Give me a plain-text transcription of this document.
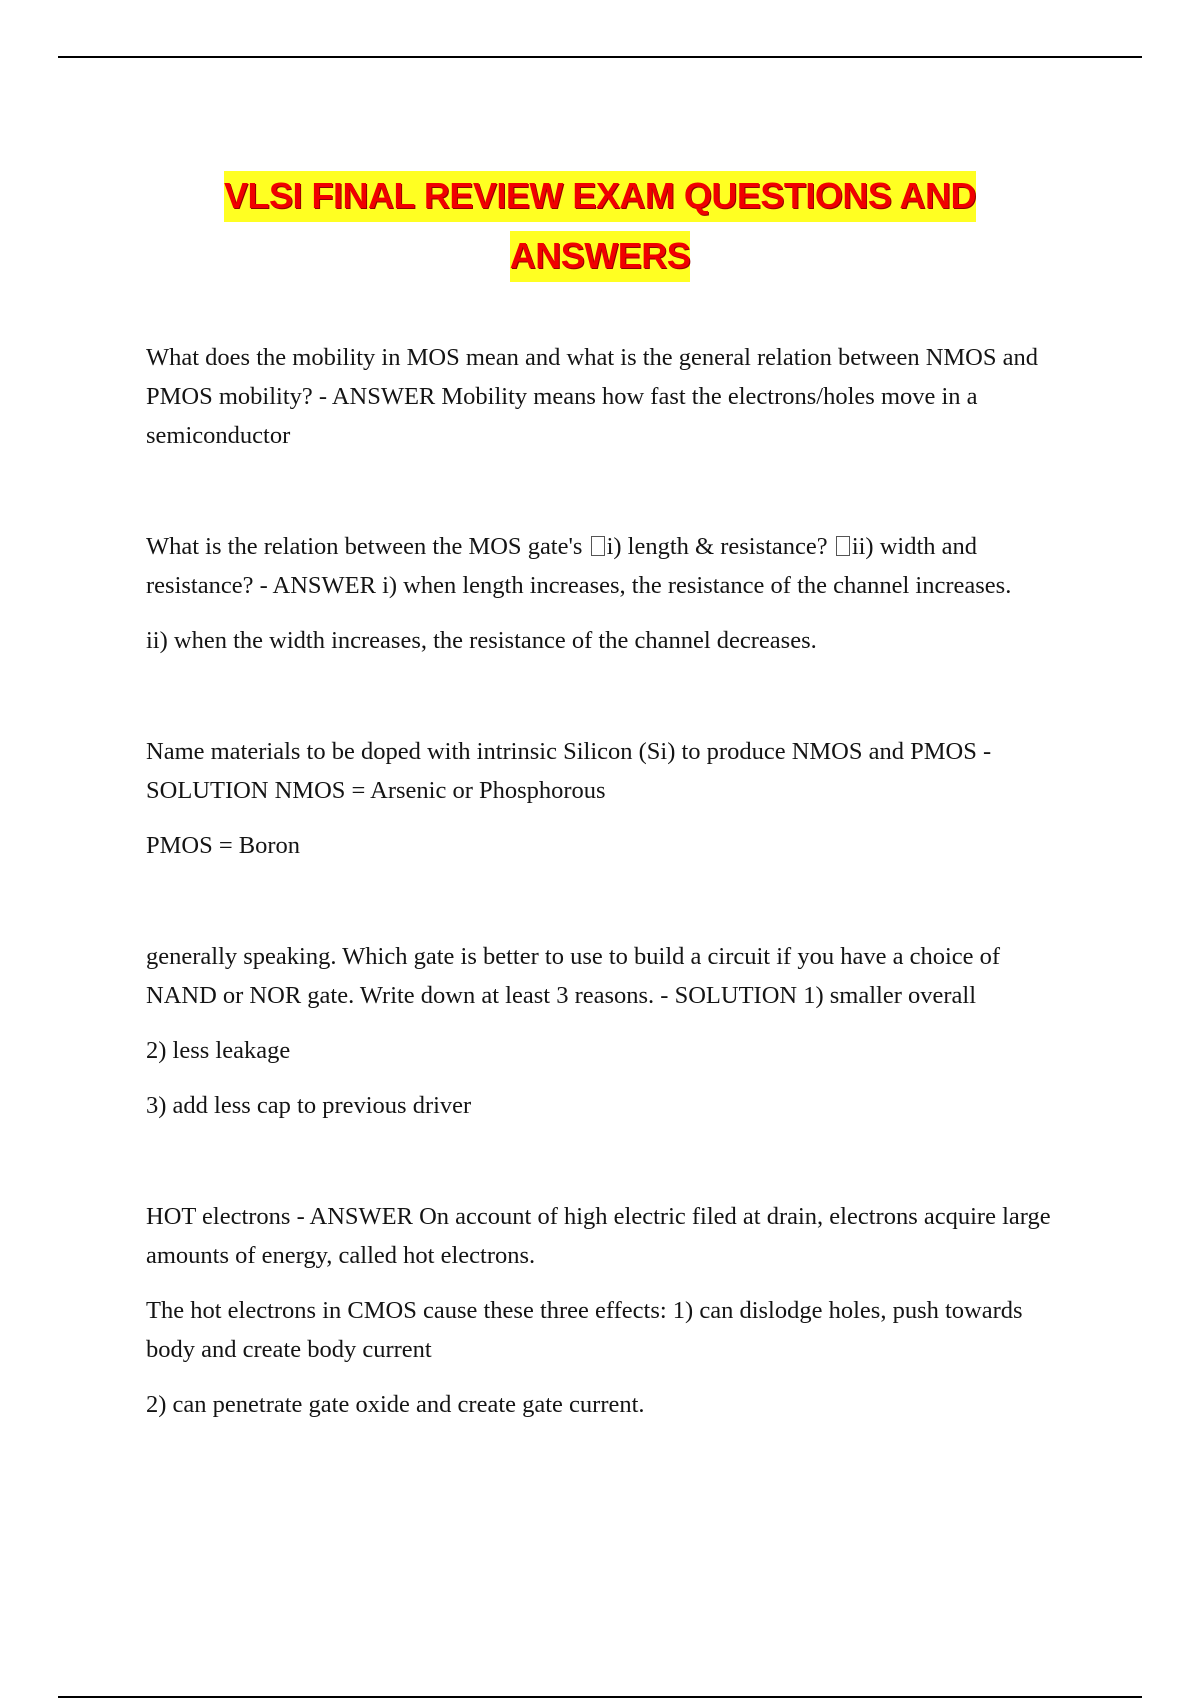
VLSI FINAL REVIEW EXAM QUESTIONS AND
ANSWERS

What does the mobility in MOS mean and what is the general relation between NMOS and PMOS mobility? - ANSWER Mobility means how fast the electrons/holes move in a semiconductor

What is the relation between the MOS gate's i) length & resistance? ii) width and resistance? - ANSWER i) when length increases, the resistance of the channel increases.

ii) when the width increases, the resistance of the channel decreases.

Name materials to be doped with intrinsic Silicon (Si) to produce NMOS and PMOS - SOLUTION NMOS = Arsenic or Phosphorous

PMOS = Boron

generally speaking. Which gate is better to use to build a circuit if you have a choice of NAND or NOR gate. Write down at least 3 reasons. - SOLUTION 1) smaller overall

2) less leakage

3) add less cap to previous driver

HOT electrons - ANSWER On account of high electric filed at drain, electrons acquire large amounts of energy, called hot electrons.

The hot electrons in CMOS cause these three effects: 1) can dislodge holes, push towards body and create body current

2) can penetrate gate oxide and create gate current.
